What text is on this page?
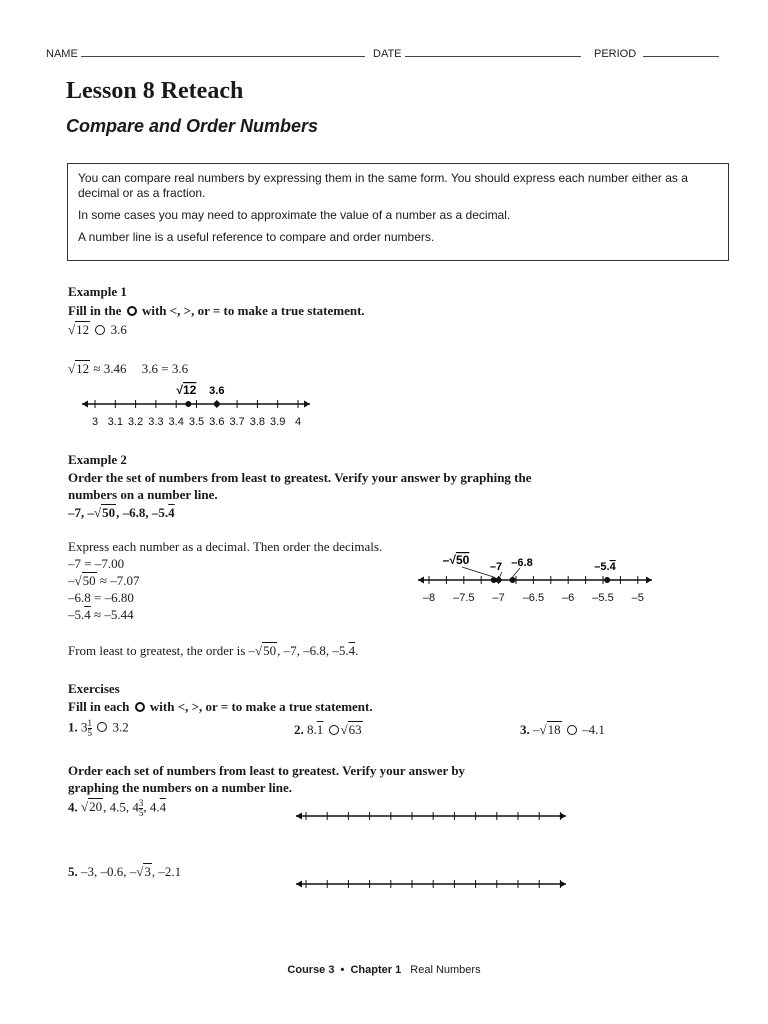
NAME	DATE	PERIOD
Lesson 8 Reteach
Compare and Order Numbers

You can compare real numbers by expressing them in the same form. You should express each number either as a decimal or as a fraction.

In some cases you may need to approximate the value of a number as a decimal.

A number line is a useful reference to compare and order numbers.

Example 1
Fill in the with <, >, or = to make a true statement.
√12 3.6
√12 ≈ 3.46 3.6 = 3.6
3 3.1 3.2 3.3 3.4 3.5 3.6 3.7 3.8 3.9 4
√12 3.6
Example 2
Order the set of numbers from least to greatest. Verify your answer by graphing the
numbers on a number line.
–7, –√50, –6.8, –5.4
Express each number as a decimal. Then order the decimals.
–7 = –7.00
–√50 ≈ –7.07
–6.8 = –6.80
–5.4 ≈ –5.44
From least to greatest, the order is –√50, –7, –6.8, –5.4.
–8 –7.5 –7 –6.5 –6 –5.5 –5
–√50 –7 –6.8	–5.4
Exercises
Fill in each with <, >, or = to make a true statement.
1. $3 \frac{1}{5} 3.2$	2. 8.1 √63	3. –√18 –4.1
Order each set of numbers from least to greatest. Verify your answer by
graphing the numbers on a number line.
4. √20, 4.5, $4 \frac{3}{5}$ , 4.4
5. –3, –0.6, –√3, –2.1
Course 3 • Chapter 1 Real Numbers
